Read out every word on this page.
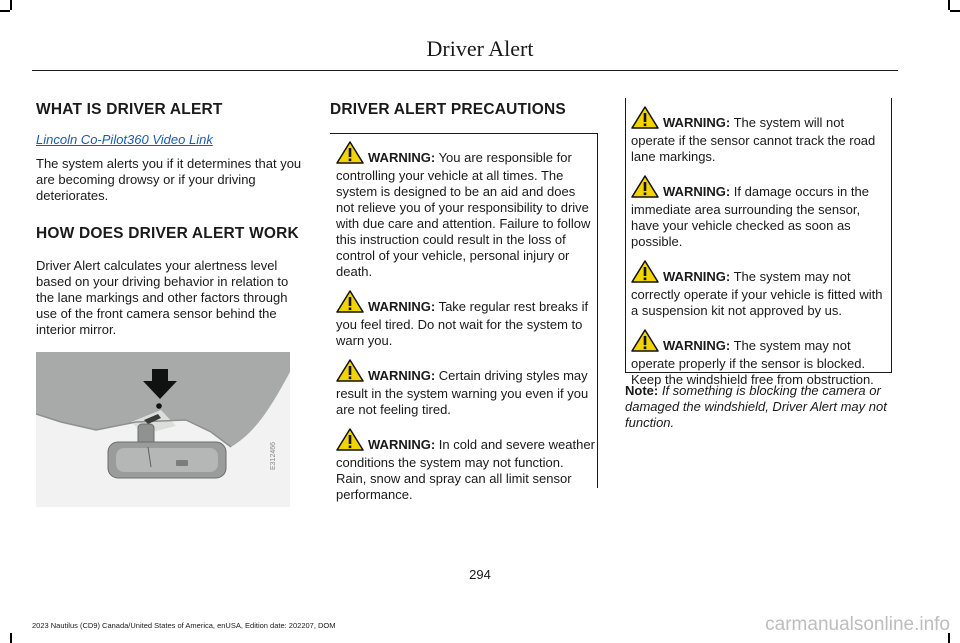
Driver Alert
WHAT IS DRIVER ALERT
Lincoln Co-Pilot360 Video Link

The system alerts you if it determines that you are becoming drowsy or if your driving deteriorates.

HOW DOES DRIVER ALERT WORK

Driver Alert calculates your alertness level based on your driving behavior in relation to the lane markings and other factors through use of the front camera sensor behind the interior mirror.

E312466
DRIVER ALERT PRECAUTIONS
WARNING: You are responsible for controlling your vehicle at all times. The system is designed to be an aid and does not relieve you of your responsibility to drive with due care and attention. Failure to follow this instruction could result in the loss of control of your vehicle, personal injury or death.
WARNING: Take regular rest breaks if you feel tired. Do not wait for the system to warn you.
WARNING: Certain driving styles may result in the system warning you even if you are not feeling tired.
WARNING: In cold and severe weather conditions the system may not function. Rain, snow and spray can all limit sensor performance.
WARNING: The system will not operate if the sensor cannot track the road lane markings.
WARNING: If damage occurs in the immediate area surrounding the sensor, have your vehicle checked as soon as possible.
WARNING: The system may not correctly operate if your vehicle is fitted with a suspension kit not approved by us.
WARNING: The system may not operate properly if the sensor is blocked. Keep the windshield free from obstruction.
Note: If something is blocking the camera or damaged the windshield, Driver Alert may not function.
294
2023 Nautilus (CD9) Canada/United States of America, enUSA, Edition date: 202207, DOM	carmanualsonline.info
